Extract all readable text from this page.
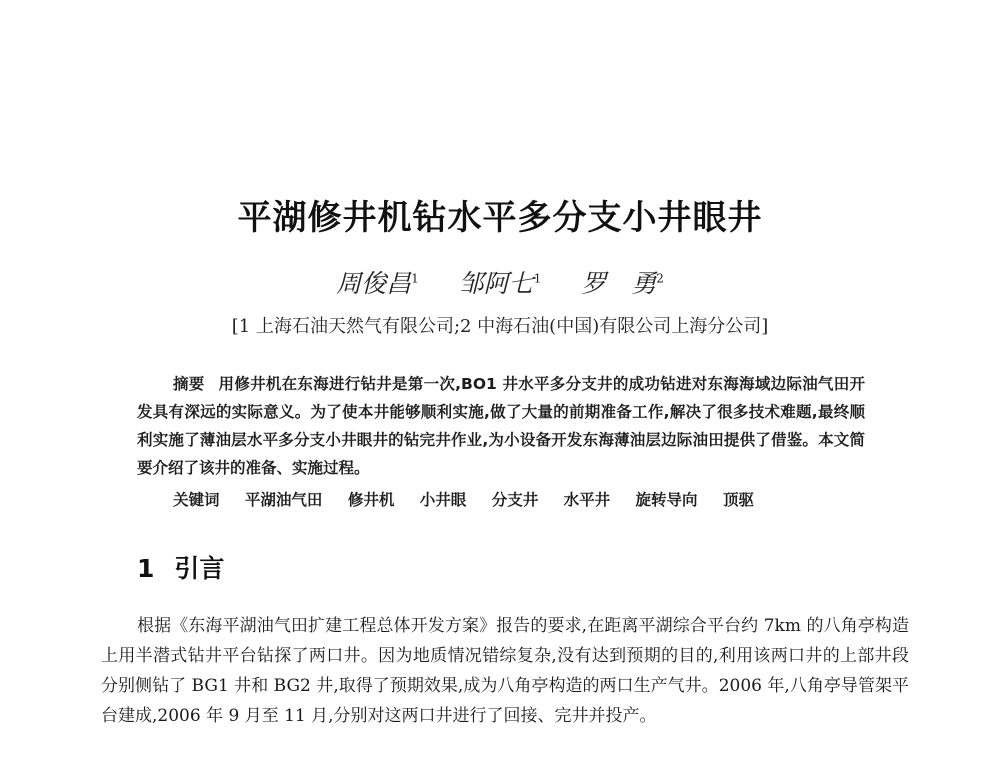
平湖修井机钻水平多分支小井眼井
周俊昌$^1$ 邹阿七$^1$ 罗　勇$^2$
[1 上海石油天然气有限公司;2 中海石油(中国)有限公司上海分公司]

摘要 用修井机在东海进行钻井是第一次,BO1 井水平多分支井的成功钻进对东海海域边际油气田开发具有深远的实际意义。为了使本井能够顺利实施,做了大量的前期准备工作,解决了很多技术难题,最终顺利实施了薄油层水平多分支小井眼井的钻完井作业,为小设备开发东海薄油层边际油田提供了借鉴。本文简要介绍了该井的准备、实施过程。

关键词 平湖油气田 修井机 小井眼 分支井 水平井 旋转导向 顶驱
1 引言

根据《东海平湖油气田扩建工程总体开发方案》报告的要求,在距离平湖综合平台约 7km 的八角亭构造上用半潜式钻井平台钻探了两口井。因为地质情况错综复杂,没有达到预期的目的,利用该两口井的上部井段分别侧钻了 BG1 井和 BG2 井,取得了预期效果,成为八角亭构造的两口生产气井。2006 年,八角亭导管架平台建成,2006 年 9 月至 11 月,分别对这两口井进行了回接、完井并投产。
